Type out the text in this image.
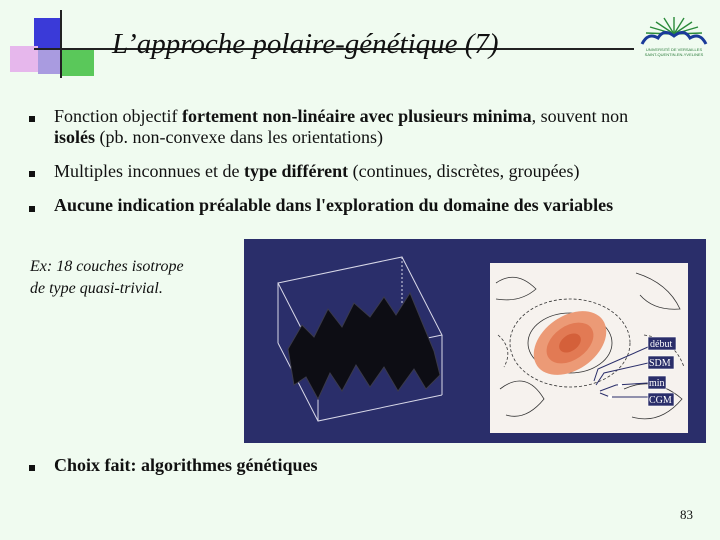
L’approche polaire-génétique (7)	UNIVERSITÉ DE VERSAILLES
SAINT-QUENTIN-EN-YVELINES
Fonction objectif fortement non-linéaire avec plusieurs minima, souvent non
isolés (pb. non-convexe dans les orientations)
Multiples inconnues et de type différent (continues, discrètes, groupées)
Aucune indication préalable dans l'exploration du domaine des variables
Ex: 18 couches isotrope
de type quasi-trivial.
début
SDM
min
CGM
Choix fait: algorithmes génétiques
83
